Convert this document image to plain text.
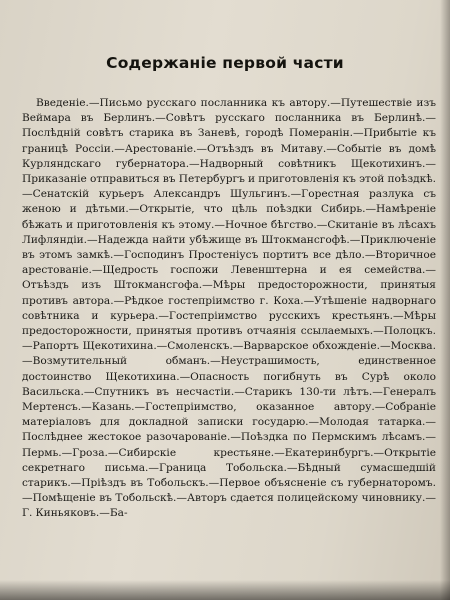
Содержаніе первой части

Введеніе.—Письмо русскаго посланника къ автору.—Путешествіе изъ Веймара въ Берлинъ.—Совѣтъ русскаго посланника въ Берлинѣ.—Послѣдній совѣтъ старика въ Заневѣ, городѣ Померанін.—Прибытіе къ границѣ Россіи.—Арестованіе.—Отъѣздъ въ Митаву.—Событіе въ домѣ Курляндскаго губернатора.—Надворный совѣтникъ Щекотихинъ.—Приказаніе отправиться въ Петербургъ и приготовленія къ этой поѣздкѣ.—Сенатскій курьеръ Александръ Шульгинъ.—Горестная разлука съ женою и дѣтьми.—Открытіе, что цѣль поѣздки Сибирь.—Намѣреніе бѣжать и приготовленія къ этому.—Ночное бѣгство.—Скитаніе въ лѣсахъ Лифляндіи.—Надежда найти убѣжище въ Штокмансгофѣ.—Приключеніе въ этомъ замкѣ.—Господинъ Простеніусъ портитъ все дѣло.—Вторичное арестованіе.—Щедрость госпожи Левенштерна и ея семейства.—Отъѣздъ изъ Штокмансгофа.—Мѣры предосторожности, принятыя противъ автора.—Рѣдкое гостепріимство г. Коха.—Утѣшеніе надворнаго совѣтника и курьера.—Гостепріимство русскихъ крестьянъ.—Мѣры предосторожности, принятыя противъ отчаянія ссылаемыхъ.—Полоцкъ.—Рапортъ Щекотихина.—Смоленскъ.—Варварское обхожденіе.—Москва.—Возмутительный обманъ.—Неустрашимость, единственное достоинство Щекотихина.—Опасность погибнуть въ Сурѣ около Васильска.—Спутникъ въ несчастіи.—Старикъ 130-ти лѣтъ.—Генералъ Мертенсъ.—Казань.—Гостепріимство, оказанное автору.—Собраніе матеріаловъ для докладной записки государю.—Молодая татарка.—Послѣднее жестокое разочарованіе.—Поѣздка по Пермскимъ лѣсамъ.—Пермь.—Гроза.—Сибирскіе крестьяне.—Екатеринбургъ.—Открытіе секретнаго письма.—Граница Тобольска.—Бѣдный сумасшедшій старикъ.—Пріѣздъ въ Тобольскъ.—Первое объясненіе съ губернаторомъ.—Помѣщеніе въ Тобольскѣ.—Авторъ сдается полицейскому чиновнику.—Г. Киньяковъ.—Ба-
